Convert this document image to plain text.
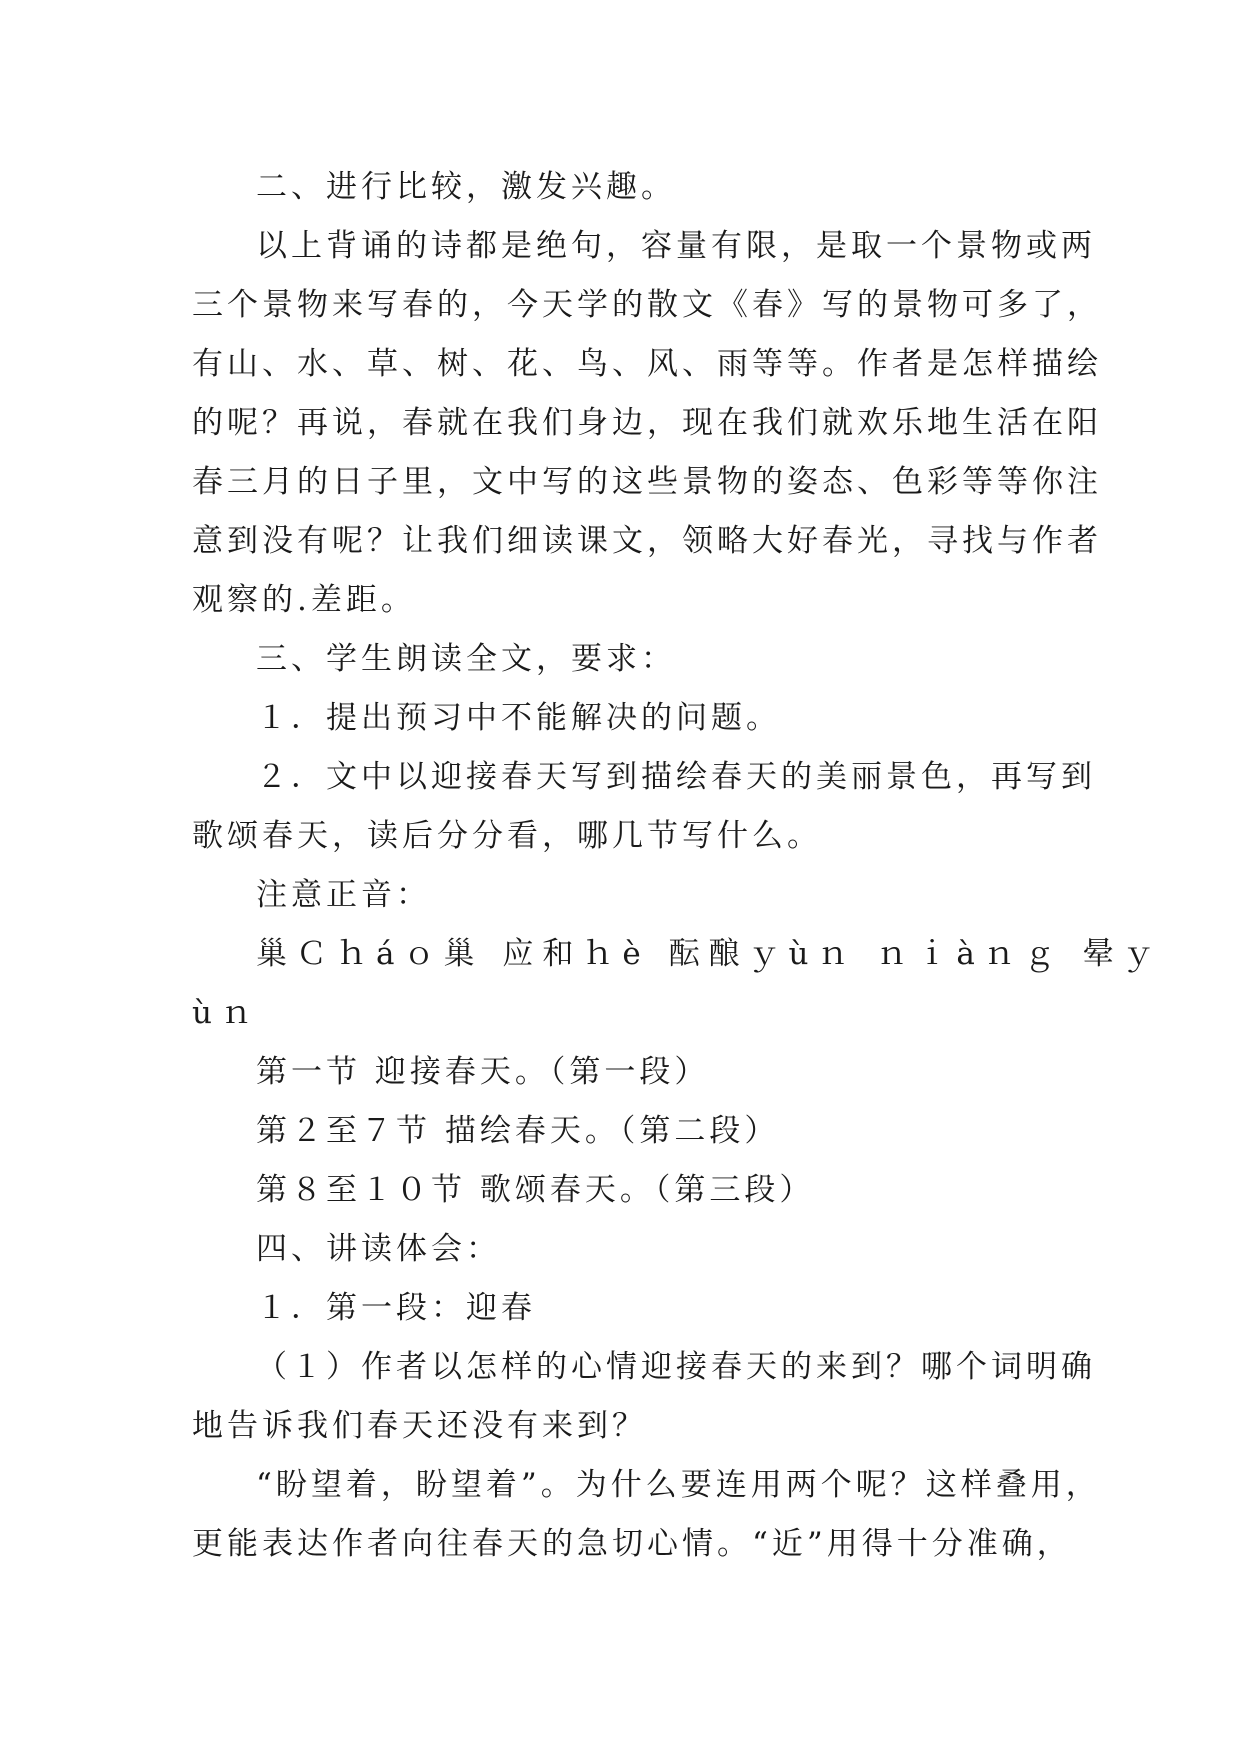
二、进行比较，激发兴趣。
以上背诵的诗都是绝句，容量有限，是取一个景物或两
三个景物来写春的，今天学的散文《春》写的景物可多了，
有山、水、草、树、花、鸟、风、雨等等。作者是怎样描绘
的呢？再说，春就在我们身边，现在我们就欢乐地生活在阳
春三月的日子里，文中写的这些景物的姿态、色彩等等你注
意到没有呢？让我们细读课文，领略大好春光，寻找与作者
观察的.差距。
三、学生朗读全文，要求：
１．提出预习中不能解决的问题。
２．文中以迎接春天写到描绘春天的美丽景色，再写到
歌颂春天，读后分分看，哪几节写什么。
注意正音：
巢Ｃｈáｏ巢 应和ｈè 酝酿ｙùｎ ｎｉàｎｇ 晕ｙ
ùｎ
第一节 迎接春天。（第一段）
第２至７节 描绘春天。（第二段）
第８至１０节 歌颂春天。（第三段）
四、讲读体会：
１．第一段：迎春
（１）作者以怎样的心情迎接春天的来到？哪个词明确
地告诉我们春天还没有来到？
“盼望着，盼望着”。为什么要连用两个呢？这样叠用，
更能表达作者向往春天的急切心情。“近”用得十分准确，
